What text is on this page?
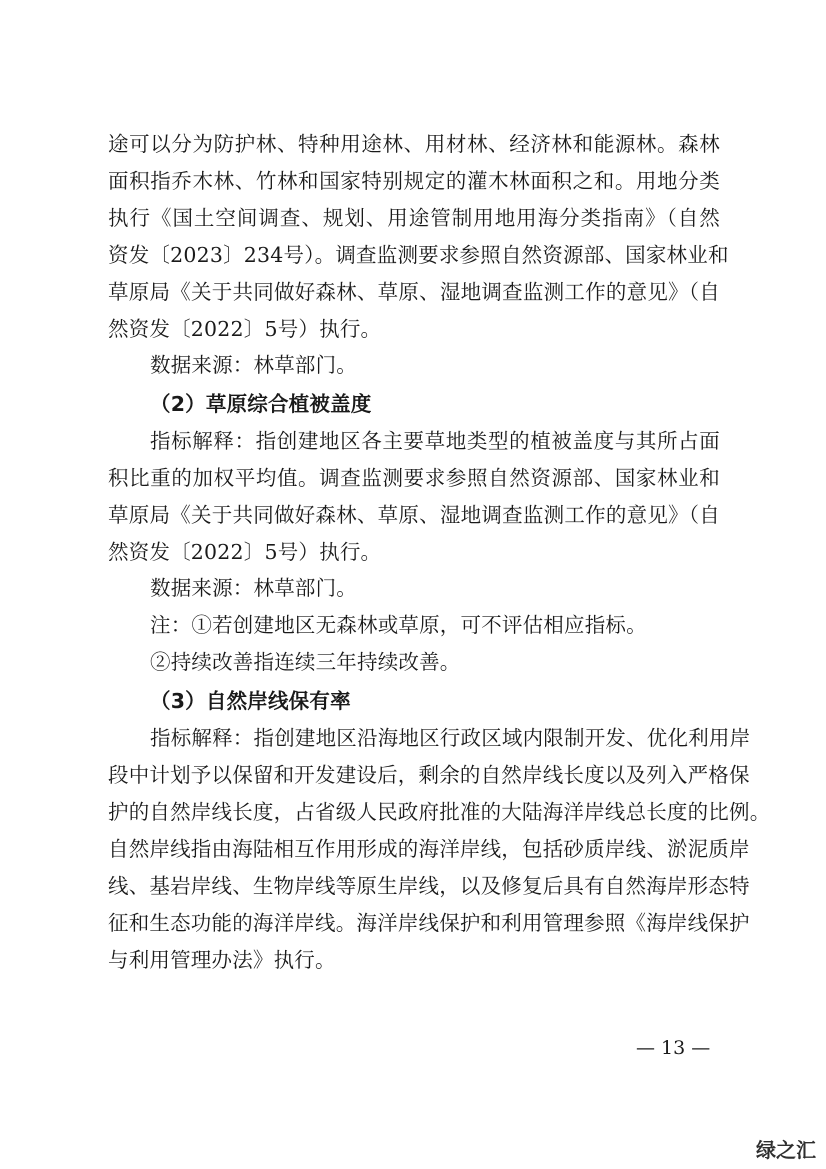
途可以分为防护林、特种用途林、用材林、经济林和能源林。森林
面积指乔木林、竹林和国家特别规定的灌木林面积之和。用地分类
执行《国土空间调查、规划、用途管制用地用海分类指南》（自然
资发〔2023〕234号）。调查监测要求参照自然资源部、国家林业和
草原局《关于共同做好森林、草原、湿地调查监测工作的意见》（自
然资发〔2022〕5号）执行。
数据来源：林草部门。
（2）草原综合植被盖度
指标解释：指创建地区各主要草地类型的植被盖度与其所占面
积比重的加权平均值。调查监测要求参照自然资源部、国家林业和
草原局《关于共同做好森林、草原、湿地调查监测工作的意见》（自
然资发〔2022〕5号）执行。
数据来源：林草部门。
注：①若创建地区无森林或草原，可不评估相应指标。
②持续改善指连续三年持续改善。
（3）自然岸线保有率
指标解释：指创建地区沿海地区行政区域内限制开发、优化利用岸
段中计划予以保留和开发建设后，剩余的自然岸线长度以及列入严格保
护的自然岸线长度，占省级人民政府批准的大陆海洋岸线总长度的比例。
自然岸线指由海陆相互作用形成的海洋岸线，包括砂质岸线、淤泥质岸
线、基岩岸线、生物岸线等原生岸线，以及修复后具有自然海岸形态特
征和生态功能的海洋岸线。海洋岸线保护和利用管理参照《海岸线保护
与利用管理办法》执行。
— 13 —
绿之汇
